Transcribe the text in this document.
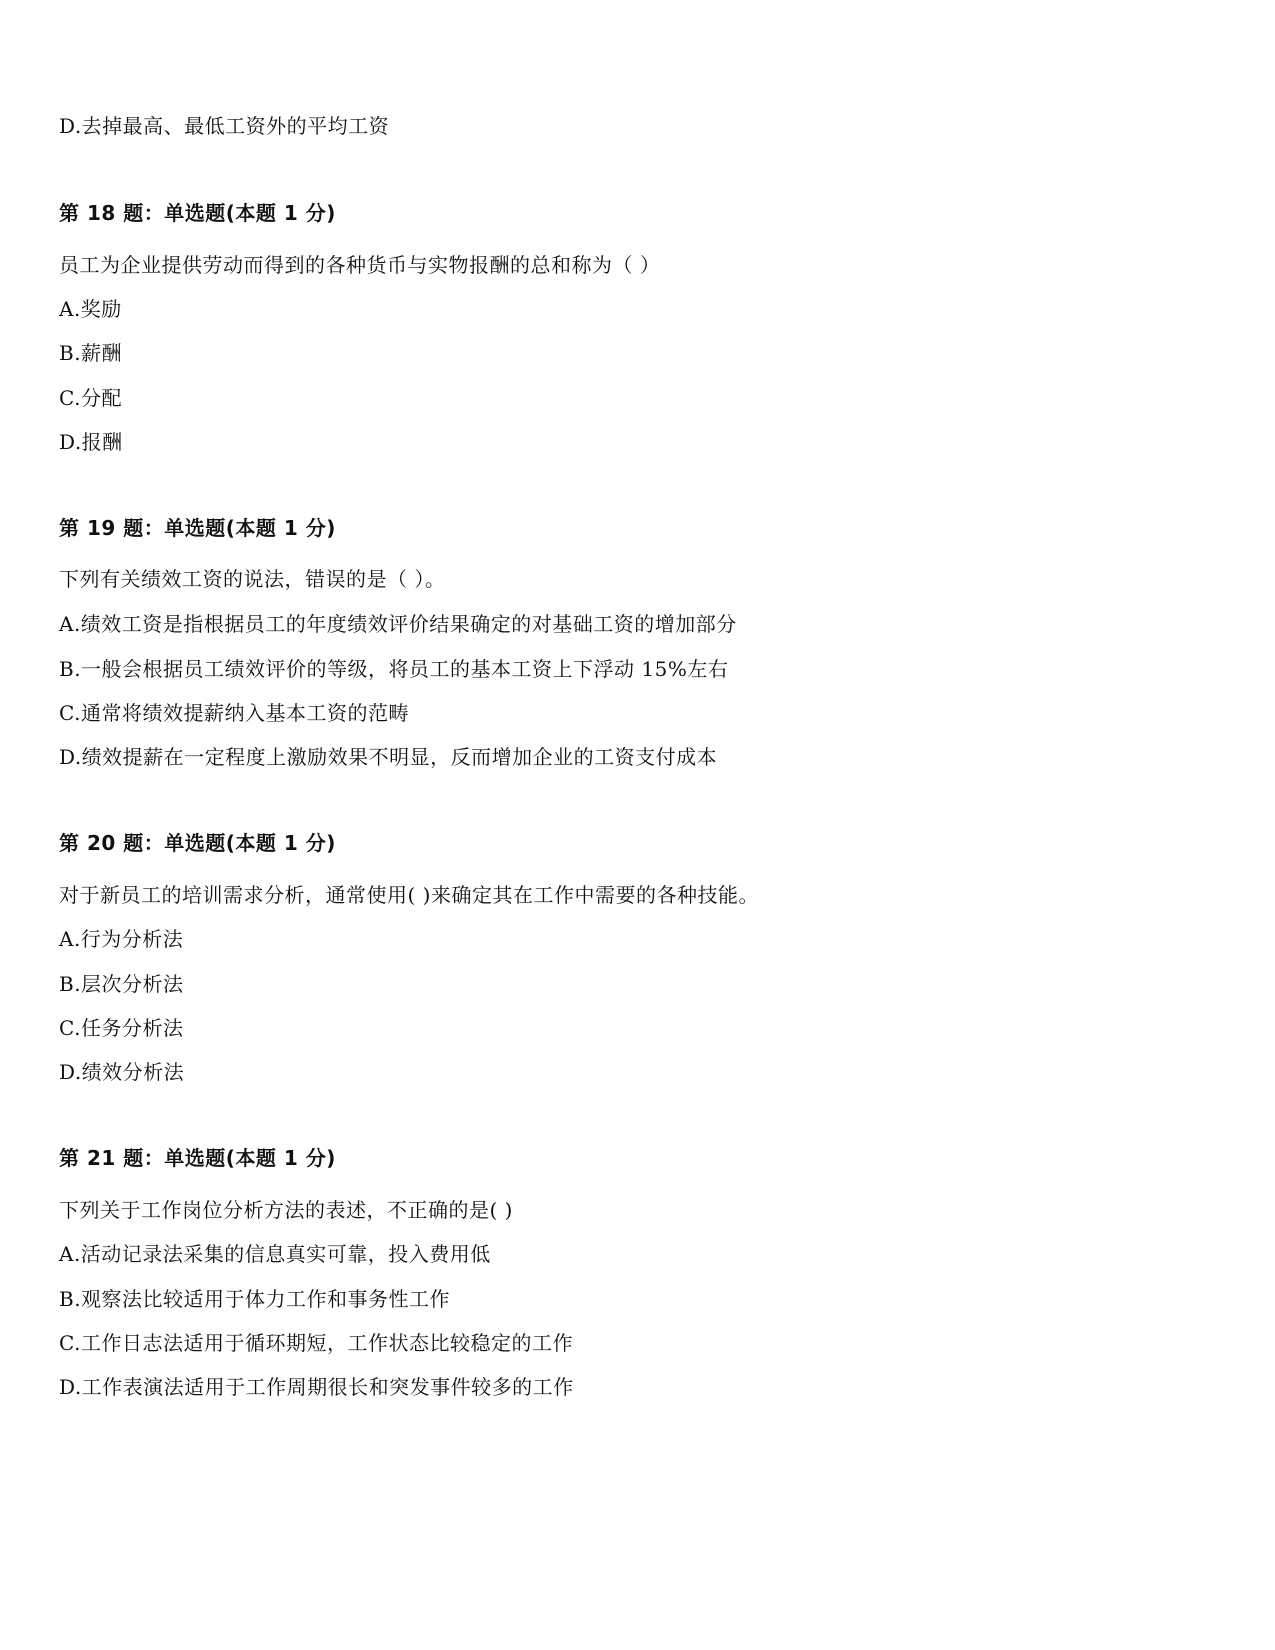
D.去掉最高、最低工资外的平均工资
第 18 题：单选题(本题 1 分)
员工为企业提供劳动而得到的各种货币与实物报酬的总和称为（ ）
A.奖励
B.薪酬
C.分配
D.报酬
第 19 题：单选题(本题 1 分)
下列有关绩效工资的说法，错误的是（ ）。
A.绩效工资是指根据员工的年度绩效评价结果确定的对基础工资的增加部分
B.一般会根据员工绩效评价的等级，将员工的基本工资上下浮动 15%左右
C.通常将绩效提薪纳入基本工资的范畴
D.绩效提薪在一定程度上激励效果不明显，反而增加企业的工资支付成本
第 20 题：单选题(本题 1 分)
对于新员工的培训需求分析，通常使用( )来确定其在工作中需要的各种技能。
A.行为分析法
B.层次分析法
C.任务分析法
D.绩效分析法
第 21 题：单选题(本题 1 分)
下列关于工作岗位分析方法的表述，不正确的是( )
A.活动记录法采集的信息真实可靠，投入费用低
B.观察法比较适用于体力工作和事务性工作
C.工作日志法适用于循环期短，工作状态比较稳定的工作
D.工作表演法适用于工作周期很长和突发事件较多的工作
